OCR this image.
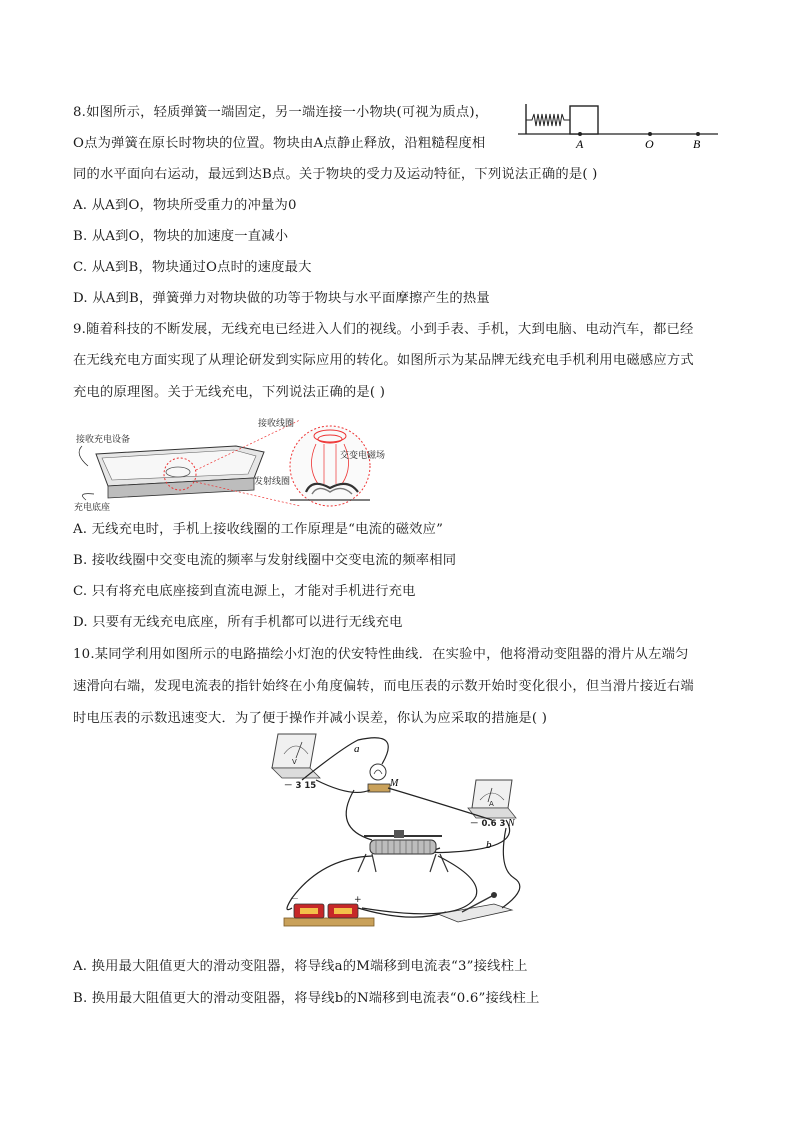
8.如图所示，轻质弹簧一端固定，另一端连接一小物块(可视为质点)，
O点为弹簧在原长时物块的位置。物块由A点静止释放，沿粗糙程度相
同的水平面向右运动，最远到达B点。关于物块的受力及运动特征，下列说法正确的是( )
A. 从A到O，物块所受重力的冲量为0
B. 从A到O，物块的加速度一直减小
C. 从A到B，物块通过O点时的速度最大
D. 从A到B，弹簧弹力对物块做的功等于物块与水平面摩擦产生的热量
A	O	B
9.随着科技的不断发展，无线充电已经进入人们的视线。小到手表、手机，大到电脑、电动汽车，都已经
在无线充电方面实现了从理论研发到实际应用的转化。如图所示为某品牌无线充电手机利用电磁感应方式
充电的原理图。关于无线充电，下列说法正确的是( )
接收充电设备
充电底座
接收线圈
交变电磁场
发射线圈
A. 无线充电时，手机上接收线圈的工作原理是“电流的磁效应”
B. 接收线圈中交变电流的频率与发射线圈中交变电流的频率相同
C. 只有将充电底座接到直流电源上，才能对手机进行充电
D. 只要有无线充电底座，所有手机都可以进行无线充电
10.某同学利用如图所示的电路描绘小灯泡的伏安特性曲线．在实验中，他将滑动变阻器的滑片从左端匀
速滑向右端，发现电流表的指针始终在小角度偏转，而电压表的示数开始时变化很小，但当滑片接近右端
时电压表的示数迅速变大．为了便于操作并减小误差，你认为应采取的措施是( )
V
－ 3 15
A
－ 0.6 3
－	+
a
M
N
b
A. 换用最大阻值更大的滑动变阻器，将导线a的M端移到电流表“3”接线柱上
B. 换用最大阻值更大的滑动变阻器，将导线b的N端移到电流表“0.6”接线柱上
